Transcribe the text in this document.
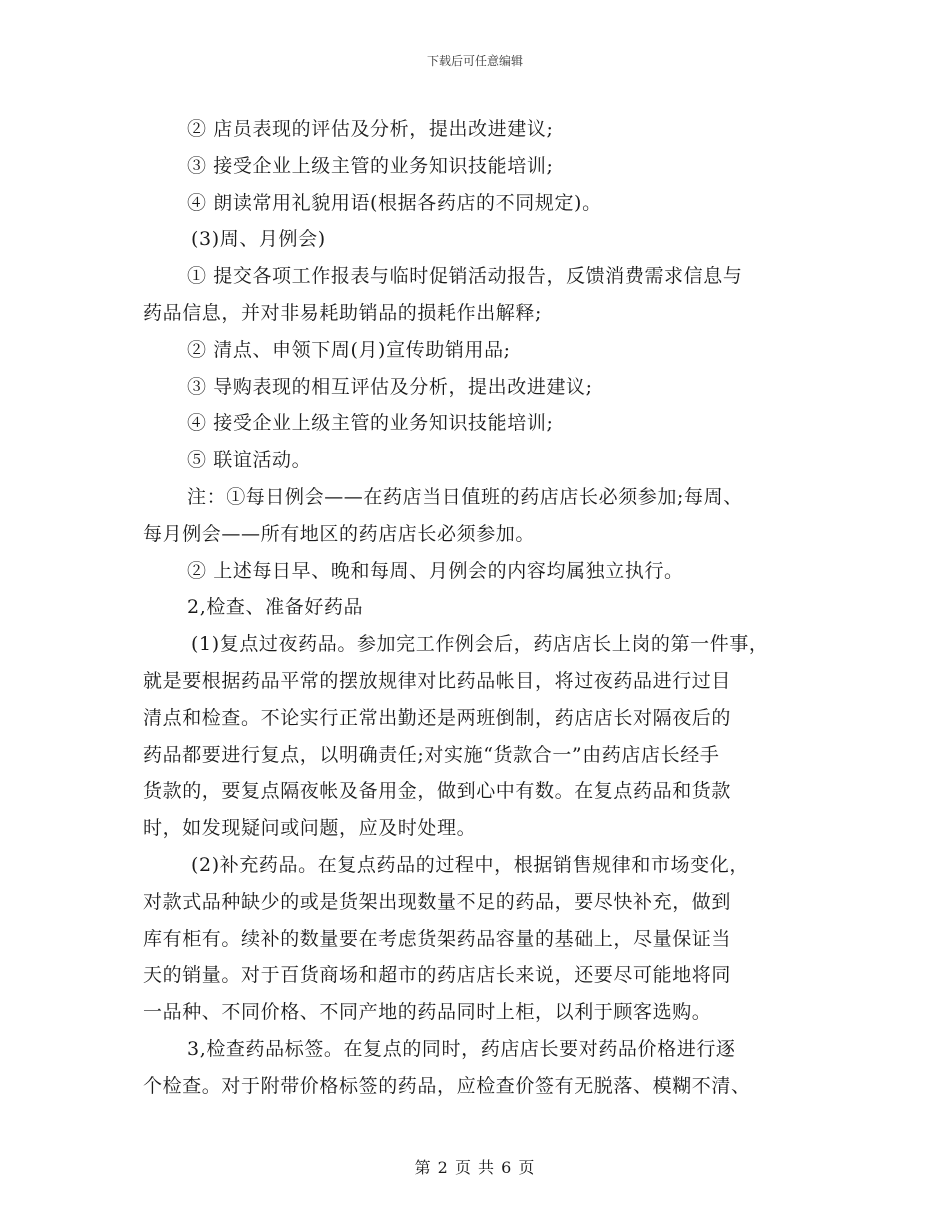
下载后可任意编辑
② 店员表现的评估及分析，提出改进建议;
③ 接受企业上级主管的业务知识技能培训;
④ 朗读常用礼貌用语(根据各药店的不同规定)。
(3)周、月例会)
① 提交各项工作报表与临时促销活动报告，反馈消费需求信息与
药品信息，并对非易耗助销品的损耗作出解释;
② 清点、申领下周(月)宣传助销用品;
③ 导购表现的相互评估及分析，提出改进建议;
④ 接受企业上级主管的业务知识技能培训;
⑤ 联谊活动。
注：①每日例会——在药店当日值班的药店店长必须参加;每周、
每月例会——所有地区的药店店长必须参加。
② 上述每日早、晚和每周、月例会的内容均属独立执行。
2,检查、准备好药品
(1)复点过夜药品。参加完工作例会后，药店店长上岗的第一件事，
就是要根据药品平常的摆放规律对比药品帐目，将过夜药品进行过目
清点和检查。不论实行正常出勤还是两班倒制，药店店长对隔夜后的
药品都要进行复点，以明确责任;对实施“货款合一”由药店店长经手
货款的，要复点隔夜帐及备用金，做到心中有数。在复点药品和货款
时，如发现疑问或问题，应及时处理。
(2)补充药品。在复点药品的过程中，根据销售规律和市场变化，
对款式品种缺少的或是货架出现数量不足的药品，要尽快补充，做到
库有柜有。续补的数量要在考虑货架药品容量的基础上，尽量保证当
天的销量。对于百货商场和超市的药店店长来说，还要尽可能地将同
一品种、不同价格、不同产地的药品同时上柜，以利于顾客选购。
3,检查药品标签。在复点的同时，药店店长要对药品价格进行逐
个检查。对于附带价格标签的药品，应检查价签有无脱落、模糊不清、
第 2 页 共 6 页
